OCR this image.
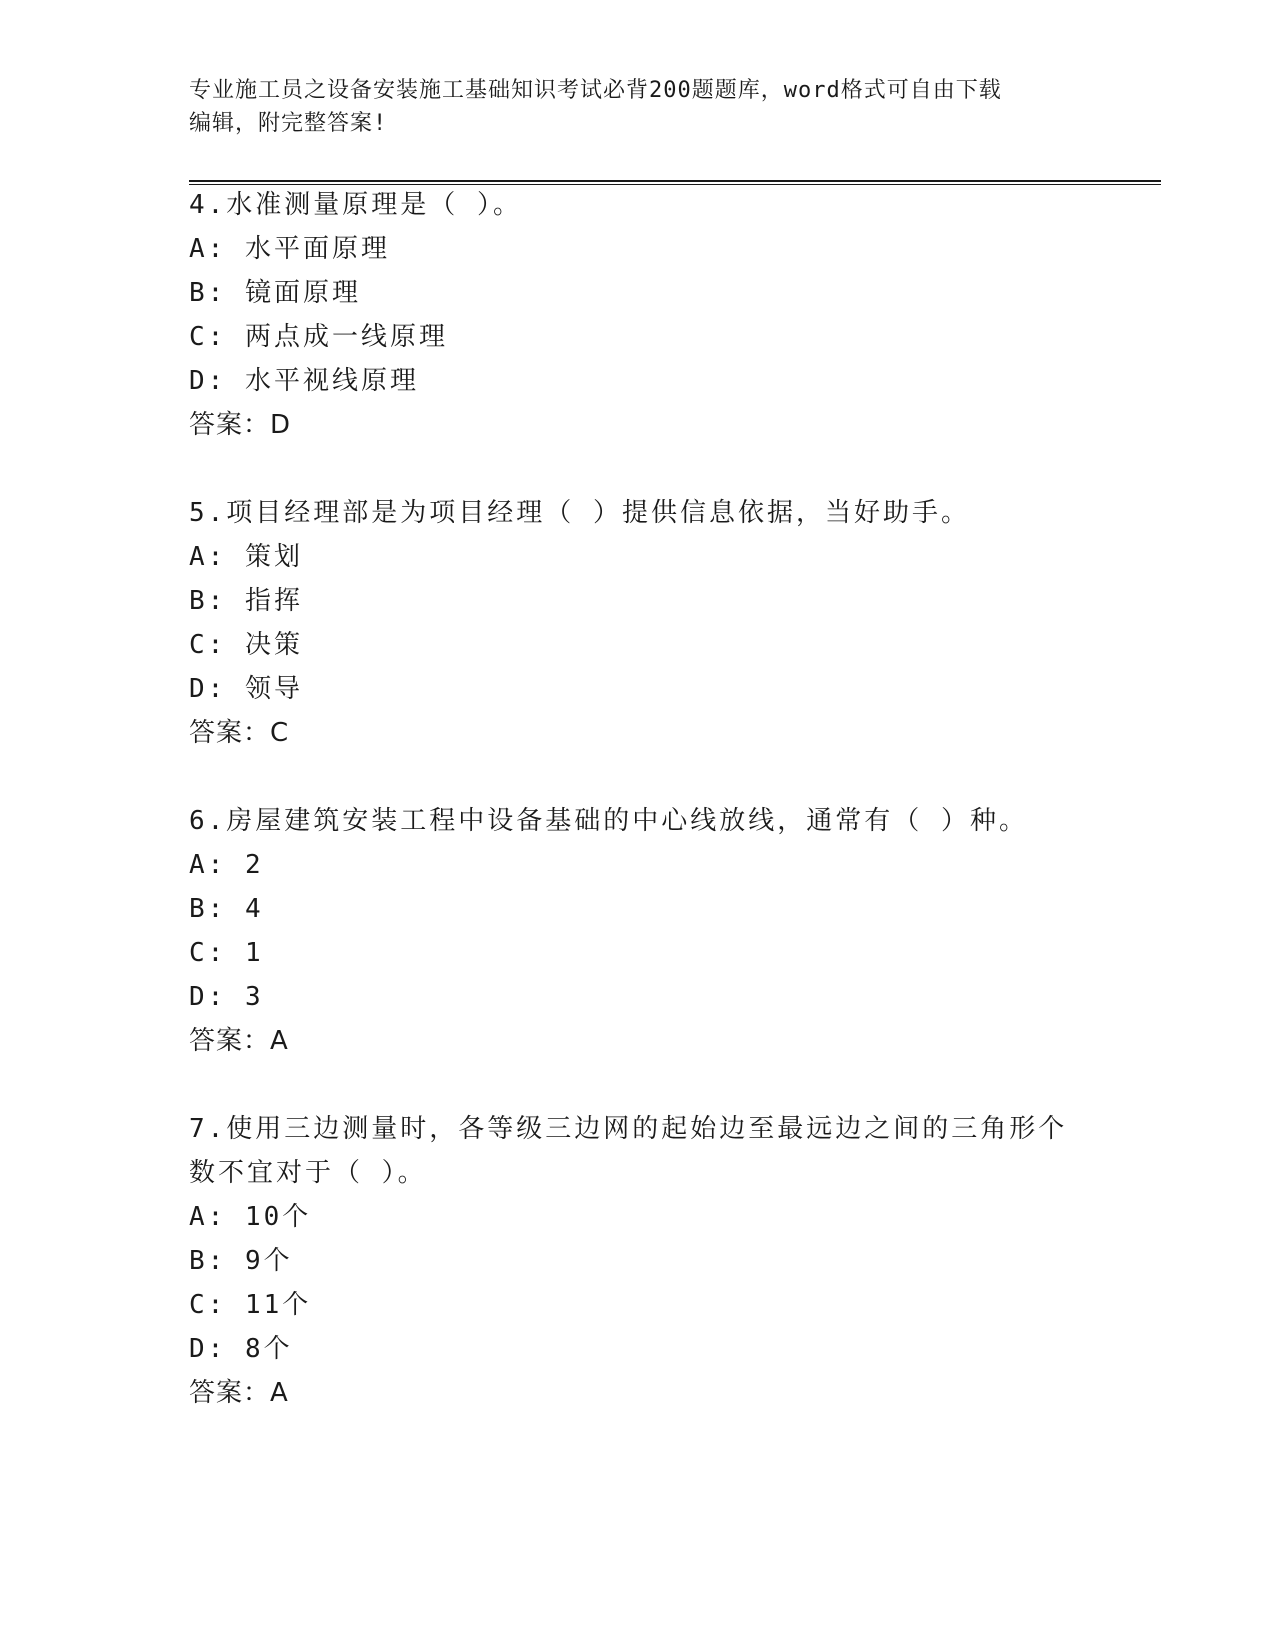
专业施工员之设备安装施工基础知识考试必背200题题库，word格式可自由下载
编辑，附完整答案!
4.水准测量原理是（ ）。
A: 水平面原理
B: 镜面原理
C: 两点成一线原理
D: 水平视线原理
答案：D
5.项目经理部是为项目经理（ ）提供信息依据，当好助手。
A: 策划
B: 指挥
C: 决策
D: 领导
答案：C
6.房屋建筑安装工程中设备基础的中心线放线，通常有（ ）种。
A: 2
B: 4
C: 1
D: 3
答案：A
7.使用三边测量时，各等级三边网的起始边至最远边之间的三角形个
数不宜对于（ ）。
A: 10个
B: 9个
C: 11个
D: 8个
答案：A
